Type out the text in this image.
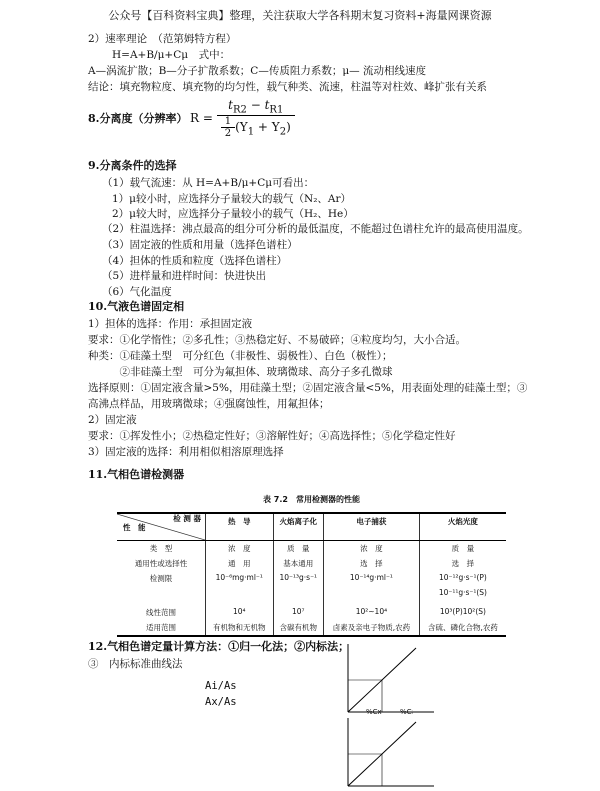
公众号【百科资料宝典】整理，关注获取大学各科期末复习资料+海量网课资源
2）速率理论　（范第姆特方程）
H=A+B/μ+Cμ　式中：
A—涡流扩散；B—分子扩散系数；C—传质阻力系数；μ— 流动相线速度
结论：填充物粒度、填充物的均匀性，载气种类、流速，柱温等对柱效、峰扩张有关系
8.分离度（分辨率） $R = \frac{t_{R2} - t_{R1}}{\frac{1}{2} (Y_1 + Y_2)}$
9.分离条件的选择
（1）载气流速：从 H=A+B/μ+Cμ可看出：
1）μ较小时，应选择分子量较大的载气（N₂、Ar）
2）μ较大时，应选择分子量较小的载气（H₂、He）
（2）柱温选择：沸点最高的组分可分析的最低温度，不能超过色谱柱允许的最高使用温度。
（3）固定液的性质和用量（选择色谱柱）
（4）担体的性质和粒度（选择色谱柱）
（5）进样量和进样时间：快进快出
（6）气化温度
10.气液色谱固定相
1）担体的选择：作用：承担固定液
要求：①化学惰性；②多孔性；③热稳定好、不易破碎；④粒度均匀，大小合适。
种类：①硅藻土型　可分红色（非极性、弱极性）、白色（极性）；
　　　②非硅藻土型　可分为氟担体、玻璃微球、高分子多孔微球
选择原则：①固定液含量>5%，用硅藻土型；②固定液含量<5%，用表面处理的硅藻土型；③
高沸点样品，用玻璃微球；④强腐蚀性，用氟担体；
2）固定液
要求：①挥发性小；②热稳定性好；③溶解性好；④高选择性；⑤化学稳定性好
3）固定液的选择：利用相似相溶原理选择
11.气相色谱检测器
表 7.2　常用检测器的性能
检 测 器
性　能	热　导	火焰离子化	电子捕获	火焰光度
类　型	浓　度	质　量	浓　度	质　量
通用性或选择性	通　用	基本通用	选　择	选　择
检测限	10⁻⁶mg·ml⁻¹	10⁻¹³g·s⁻¹	10⁻¹⁴g·ml⁻¹	10⁻¹²g·s⁻¹(P)
				10⁻¹¹g·s⁻¹(S)
线性范围	10⁴	10⁷	10²~10⁴	10³(P)10²(S)
适用范围	有机物和无机物	含碳有机物	卤素及亲电子物质,农药	含硫、磷化合物,农药
12.气相色谱定量计算方法：①归一化法；②内标法；
③　内标标准曲线法
Ai/As
Ax/As
%Cx	%Cᵢ
